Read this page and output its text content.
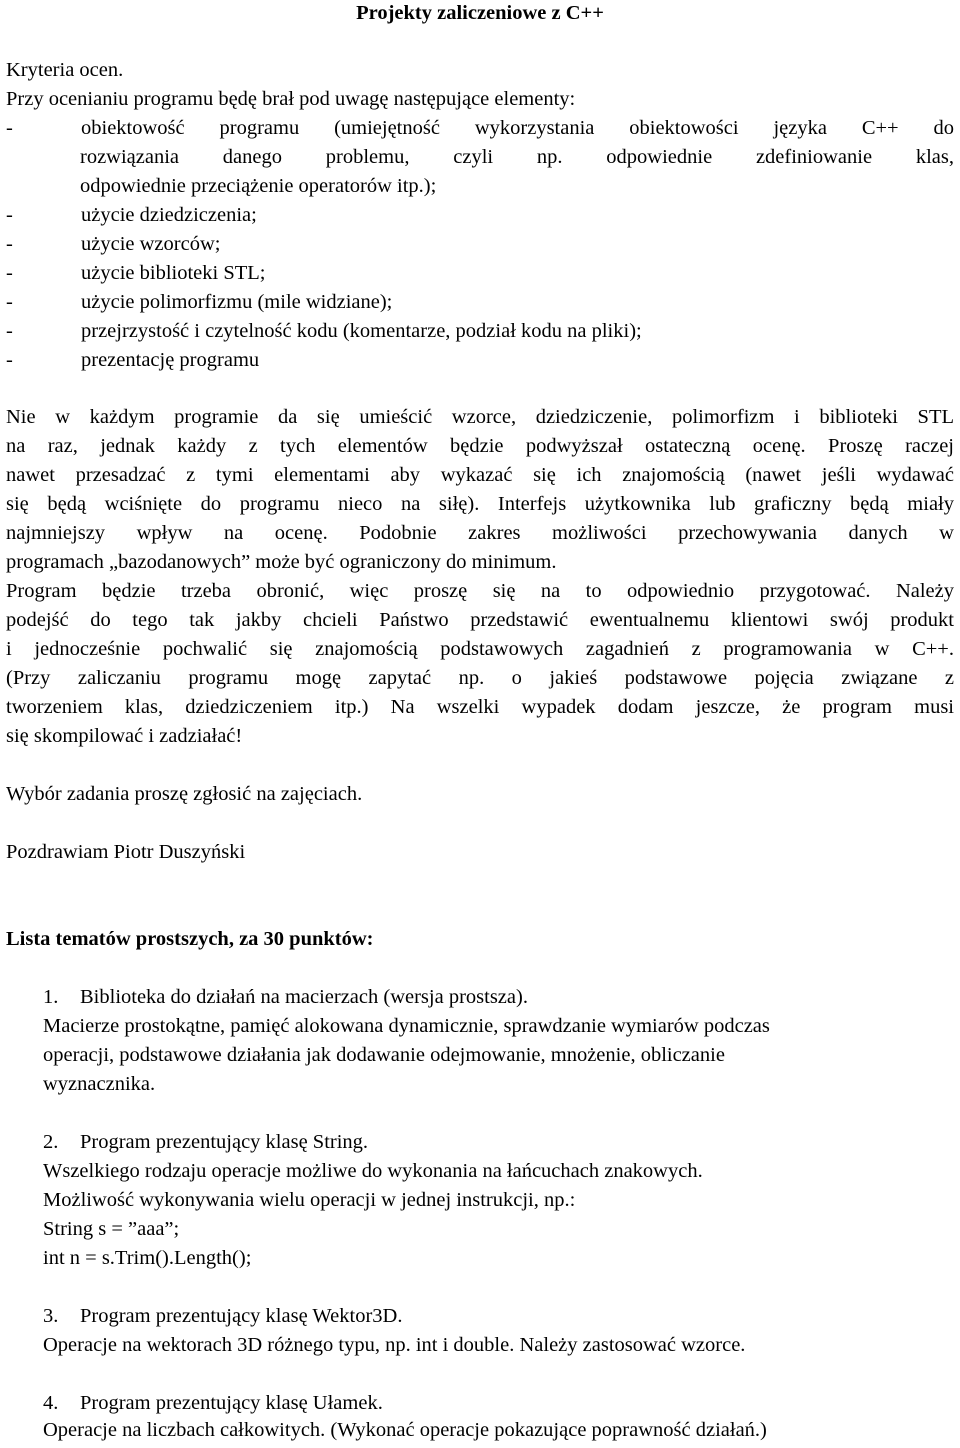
Projekty zaliczeniowe z C++
Kryteria ocen.
Przy ocenianiu programu będę brał pod uwagę następujące elementy:
-	obiektowość programu (umiejętność wykorzystania obiektowości języka C++ do
rozwiązania danego problemu, czyli np. odpowiednie zdefiniowanie klas,
odpowiednie przeciążenie operatorów itp.);
-	użycie dziedziczenia;
-	użycie wzorców;
-	użycie biblioteki STL;
-	użycie polimorfizmu (mile widziane);
-	przejrzystość i czytelność kodu (komentarze, podział kodu na pliki);
-	prezentację programu
Nie w każdym programie da się umieścić wzorce, dziedziczenie, polimorfizm i biblioteki STL
na raz, jednak każdy z tych elementów będzie podwyższał ostateczną ocenę. Proszę raczej
nawet przesadzać z tymi elementami aby wykazać się ich znajomością (nawet jeśli wydawać
się będą wciśnięte do programu nieco na siłę). Interfejs użytkownika lub graficzny będą miały
najmniejszy wpływ na ocenę. Podobnie zakres możliwości przechowywania danych w
programach „bazodanowych” może być ograniczony do minimum.
Program będzie trzeba obronić, więc proszę się na to odpowiednio przygotować. Należy
podejść do tego tak jakby chcieli Państwo przedstawić ewentualnemu klientowi swój produkt
i jednocześnie pochwalić się znajomością podstawowych zagadnień z programowania w C++.
(Przy zaliczaniu programu mogę zapytać np. o jakieś podstawowe pojęcia związane z
tworzeniem klas, dziedziczeniem itp.) Na wszelki wypadek dodam jeszcze, że program musi
się skompilować i zadziałać!
Wybór zadania proszę zgłosić na zajęciach.
Pozdrawiam Piotr Duszyński
Lista tematów prostszych, za 30 punktów:
1. Biblioteka do działań na macierzach (wersja prostsza).
Macierze prostokątne, pamięć alokowana dynamicznie, sprawdzanie wymiarów podczas
operacji, podstawowe działania jak dodawanie odejmowanie, mnożenie, obliczanie
wyznacznika.
2. Program prezentujący klasę String.
Wszelkiego rodzaju operacje możliwe do wykonania na łańcuchach znakowych.
Możliwość wykonywania wielu operacji w jednej instrukcji, np.:
String s = ”aaa”;
int n = s.Trim().Length();
3. Program prezentujący klasę Wektor3D.
Operacje na wektorach 3D różnego typu, np. int i double. Należy zastosować wzorce.
4. Program prezentujący klasę Ułamek.
Operacje na liczbach całkowitych. (Wykonać operacje pokazujące poprawność działań.)
